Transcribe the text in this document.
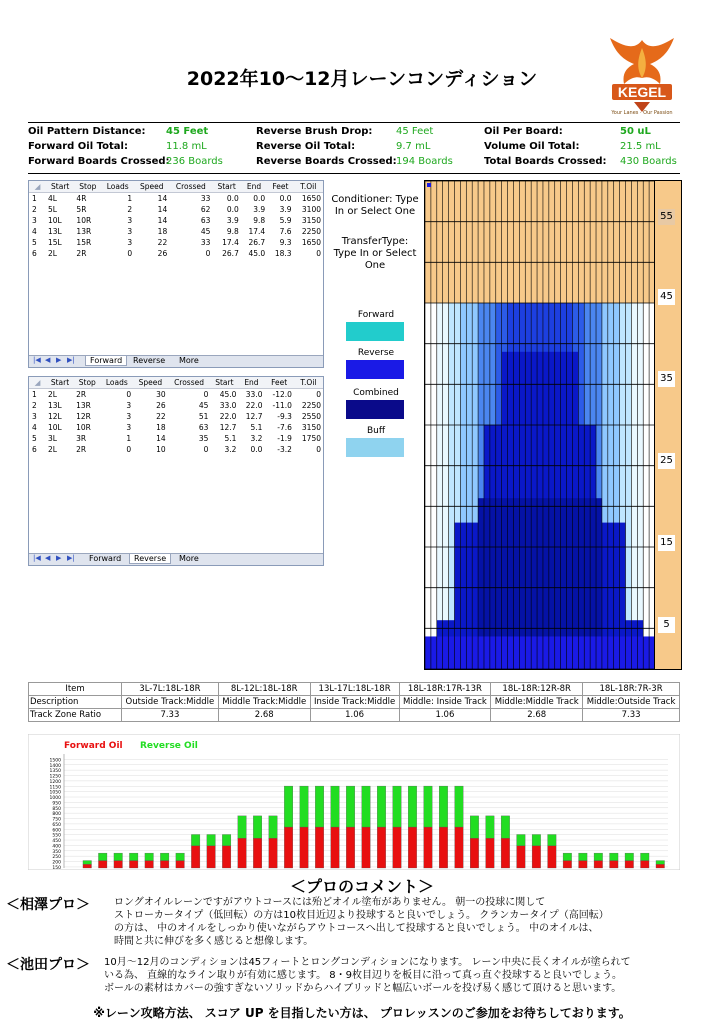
2022年10～12月レーンコンディション
KEGEL
Your Lanes · Our Passion
Oil Pattern Distance: 45 Feet	Reverse Brush Drop: 45 Feet	Oil Per Board:	50 uL
Forward Oil Total:	11.8 mL	Reverse Oil Total:	9.7 mL	Volume Oil Total:	21.5 mL
Forward Boards Crossed:
236 Boards	Reverse Boards Crossed: 194 Boards	Total Boards Crossed: 430 Boards
◢	Start	Stop	Loads	Speed	Crossed	Start	End	Feet	T.Oil
1	4L	4R	1	14	33	0.0	0.0	0.0	1650
2	5L	5R	2	14	62	0.0	3.9	3.9	3100
3	10L	10R	3	14	63	3.9	9.8	5.9	3150
4	13L	13R	3	18	45	9.8	17.4	7.6	2250
5	15L	15R	3	22	33	17.4	26.7	9.3	1650
6	2L	2R	0	26	0	26.7	45.0	18.3	0
|◀ ◀ ▶ ▶|	Forward	Reverse	More
◢	Start	Stop	Loads	Speed	Crossed	Start	End	Feet	T.Oil
1	2L	2R	0	30	0	45.0	33.0	-12.0	0
2	13L	13R	3	26	45	33.0	22.0	-11.0	2250
3	12L	12R	3	22	51	22.0	12.7	-9.3	2550
4	10L	10R	3	18	63	12.7	5.1	-7.6	3150
5	3L	3R	1	14	35	5.1	3.2	-1.9	1750
6	2L	2R	0	10	0	3.2	0.0	-3.2	0
|◀ ◀ ▶ ▶|	Forward	Reverse	More
Conditioner: Type In or Select One
TransferType: Type In or Select One
Forward
Reverse
Combined
Buff
55
45
35
25
15
5
Item	3L-7L:18L-18R	8L-12L:18L-18R	13L-17L:18L-18R	18L-18R:17R-13R	18L-18R:12R-8R	18L-18R:7R-3R
Description	Outside Track:Middle	Middle Track:Middle	Inside Track:Middle	Middle: Inside Track	Middle:Middle Track	Middle:Outside Track
Track Zone Ratio	7.33	2.68	1.06	1.06	2.68	7.33
Forward Oil Reverse Oil
1500
1400
1350
1250
1200
1150
1050
1000
950
850
800
750
650
600
550
450
400
350
250
200
150
＜プロのコメント＞
＜相澤プロ＞ ロングオイルレーンですがアウトコースには殆どオイル塗布がありません。 朝一の投球に関して
ストローカータイプ（低回転）の方は10枚目近辺より投球すると良いでしょう。 クランカータイプ（高回転）
の方は、 中のオイルをしっかり使いながらアウトコースへ出して投球すると良いでしょう。 中のオイルは、
時間と共に伸びを多く感じると想像します。
＜池田プロ＞ 10月～12月のコンディションは45フィートとロングコンディションになります。 レーン中央に長くオイルが塗られて
いる為、 直線的なライン取りが有効に感じます。 8・9枚目辺りを板目に沿って真っ直ぐ投球すると良いでしょう。
ボールの素材はカバーの強すぎないソリッドからハイブリッドと幅広いボールを投げ易く感じて頂けると思います。
※レーン攻略方法、 スコア UP を目指したい方は、 プロレッスンのご参加をお待ちしております。
